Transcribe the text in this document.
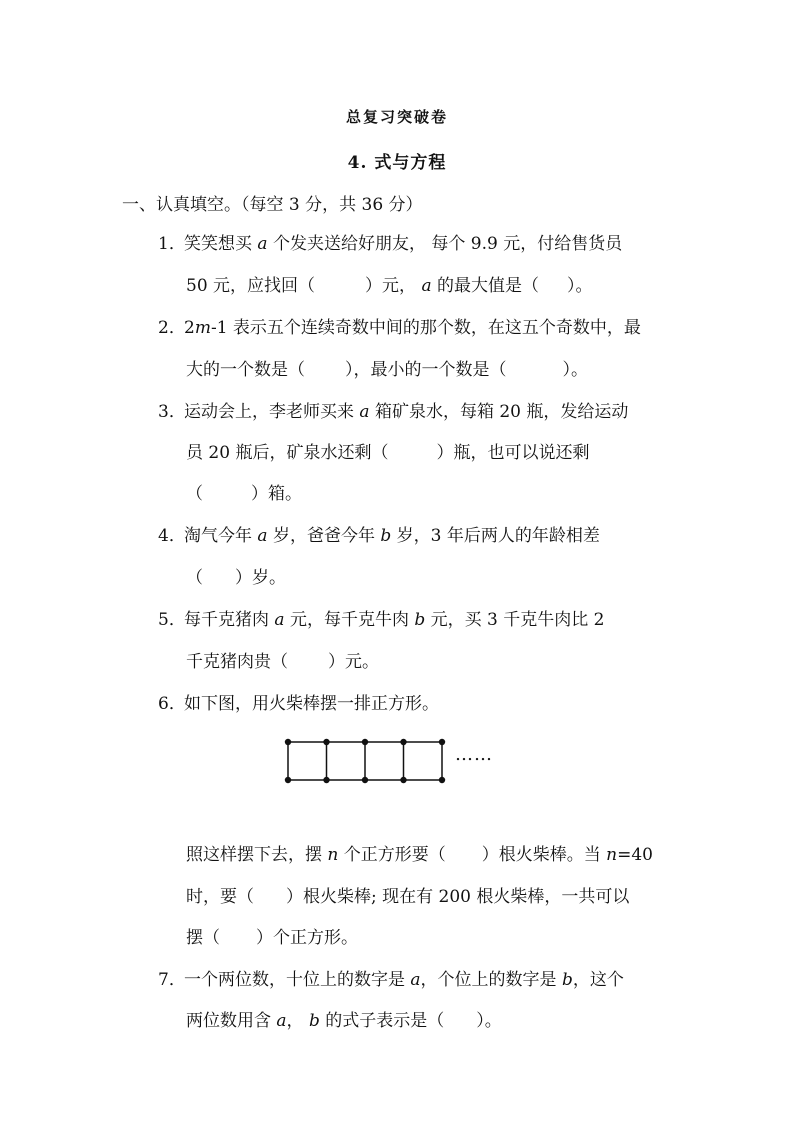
总复习突破卷
4. 式与方程
一、认真填空。（每空 3 分，共 36 分）
1．笑笑想买 a 个发夹送给好朋友， 每个 9.9 元，付给售货员
50 元，应找回（	）元， a 的最大值是（ ）。
2．2m-1 表示五个连续奇数中间的那个数，在这五个奇数中，最
大的一个数是（ ），最小的一个数是（	）。
3．运动会上，李老师买来 a 箱矿泉水，每箱 20 瓶，发给运动
员 20 瓶后，矿泉水还剩（	）瓶，也可以说还剩
（	）箱。
4．淘气今年 a 岁，爸爸今年 b 岁，3 年后两人的年龄相差
（ ）岁。
5．每千克猪肉 a 元，每千克牛肉 b 元，买 3 千克牛肉比 2
千克猪肉贵（ ）元。
6．如下图，用火柴棒摆一排正方形。
照这样摆下去，摆 n 个正方形要（ ）根火柴棒。当 n=40
时，要（ ）根火柴棒; 现在有 200 根火柴棒，一共可以
摆（ ）个正方形。
7．一个两位数，十位上的数字是 a，个位上的数字是 b，这个
两位数用含 a， b 的式子表示是（ ）。
……
